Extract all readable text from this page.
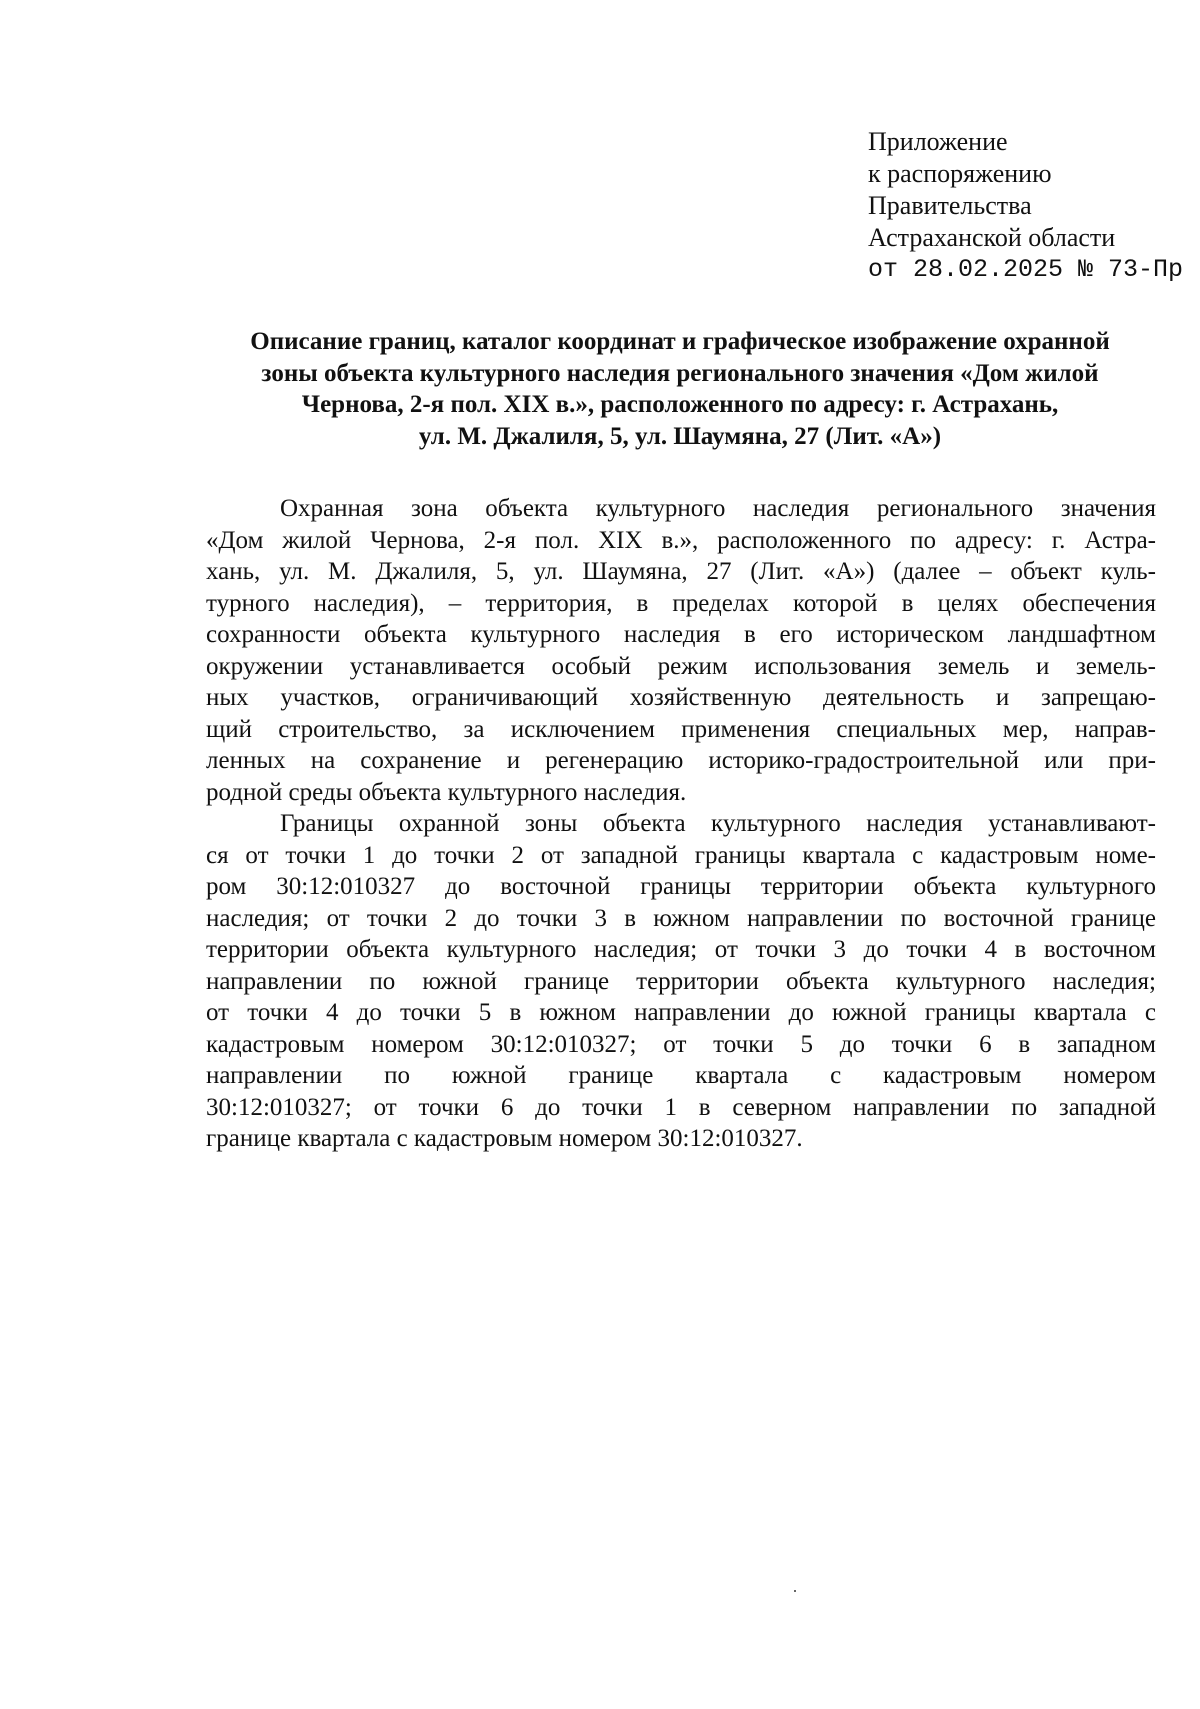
Приложение
к распоряжению
Правительства
Астраханской области
от 28.02.2025 № 73-Пр
Описание границ, каталог координат и графическое изображение охранной
зоны объекта культурного наследия регионального значения «Дом жилой
Чернова, 2-я пол. XIX в.», расположенного по адресу: г. Астрахань,
ул. М. Джалиля, 5, ул. Шаумяна, 27 (Лит. «А»)
Охранная зона объекта культурного наследия регионального значения
«Дом жилой Чернова, 2-я пол. XIX в.», расположенного по адресу: г. Астра-
хань, ул. М. Джалиля, 5, ул. Шаумяна, 27 (Лит. «А») (далее – объект куль-
турного наследия), – территория, в пределах которой в целях обеспечения
сохранности объекта культурного наследия в его историческом ландшафтном
окружении устанавливается особый режим использования земель и земель-
ных участков, ограничивающий хозяйственную деятельность и запрещаю-
щий строительство, за исключением применения специальных мер, направ-
ленных на сохранение и регенерацию историко-градостроительной или при-
родной среды объекта культурного наследия.
Границы охранной зоны объекта культурного наследия устанавливают-
ся от точки 1 до точки 2 от западной границы квартала с кадастровым номе-
ром 30:12:010327 до восточной границы территории объекта культурного
наследия; от точки 2 до точки 3 в южном направлении по восточной границе
территории объекта культурного наследия; от точки 3 до точки 4 в восточном
направлении по южной границе территории объекта культурного наследия;
от точки 4 до точки 5 в южном направлении до южной границы квартала с
кадастровым номером 30:12:010327; от точки 5 до точки 6 в западном
направлении по южной границе квартала с кадастровым номером
30:12:010327; от точки 6 до точки 1 в северном направлении по западной
границе квартала с кадастровым номером 30:12:010327.
